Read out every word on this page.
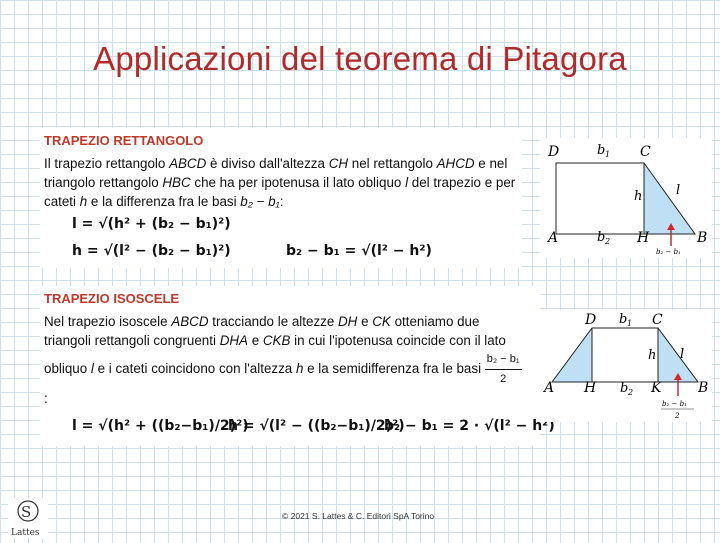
Applicazioni del teorema di Pitagora
TRAPEZIO RETTANGOLO
Il trapezio rettangolo ABCD è diviso dall'altezza CH nel rettangolo AHCD e nel triangolo rettangolo HBC che ha per ipotenusa il lato obliquo l del trapezio e per cateti h e la differenza fra le basi b₂ − b₁:
l = √(h² + (b₂ − b₁)²)
h = √(l² − (b₂ − b₁)²)	b₂ − b₁ = √(l² − h²)
D	b 1 C
h	l
A	b 2 H	B
b₂ − b₁
TRAPEZIO ISOSCELE
Nel trapezio isoscele ABCD tracciando le altezze DH e CK otteniamo due triangoli rettangoli congruenti DHA e CKB in cui l'ipotenusa coincide con il lato obliquo l e i cateti coincidono con l'altezza h e la semidifferenza fra le basi $\frac{\text{b₂ − b₁}}{2}$
:
l = √(h² + ((b₂−b₁)/2)²)
h = √(l² − ((b₂−b₁)/2)²)
b₂ − b₁ = 2 · √(l² − h²)
D b 1 C
h l
A H b 2 K	B
b₂ − b₁
2
© 2021 S. Lattes & C. Editori SpA Torino
S
Lattes
